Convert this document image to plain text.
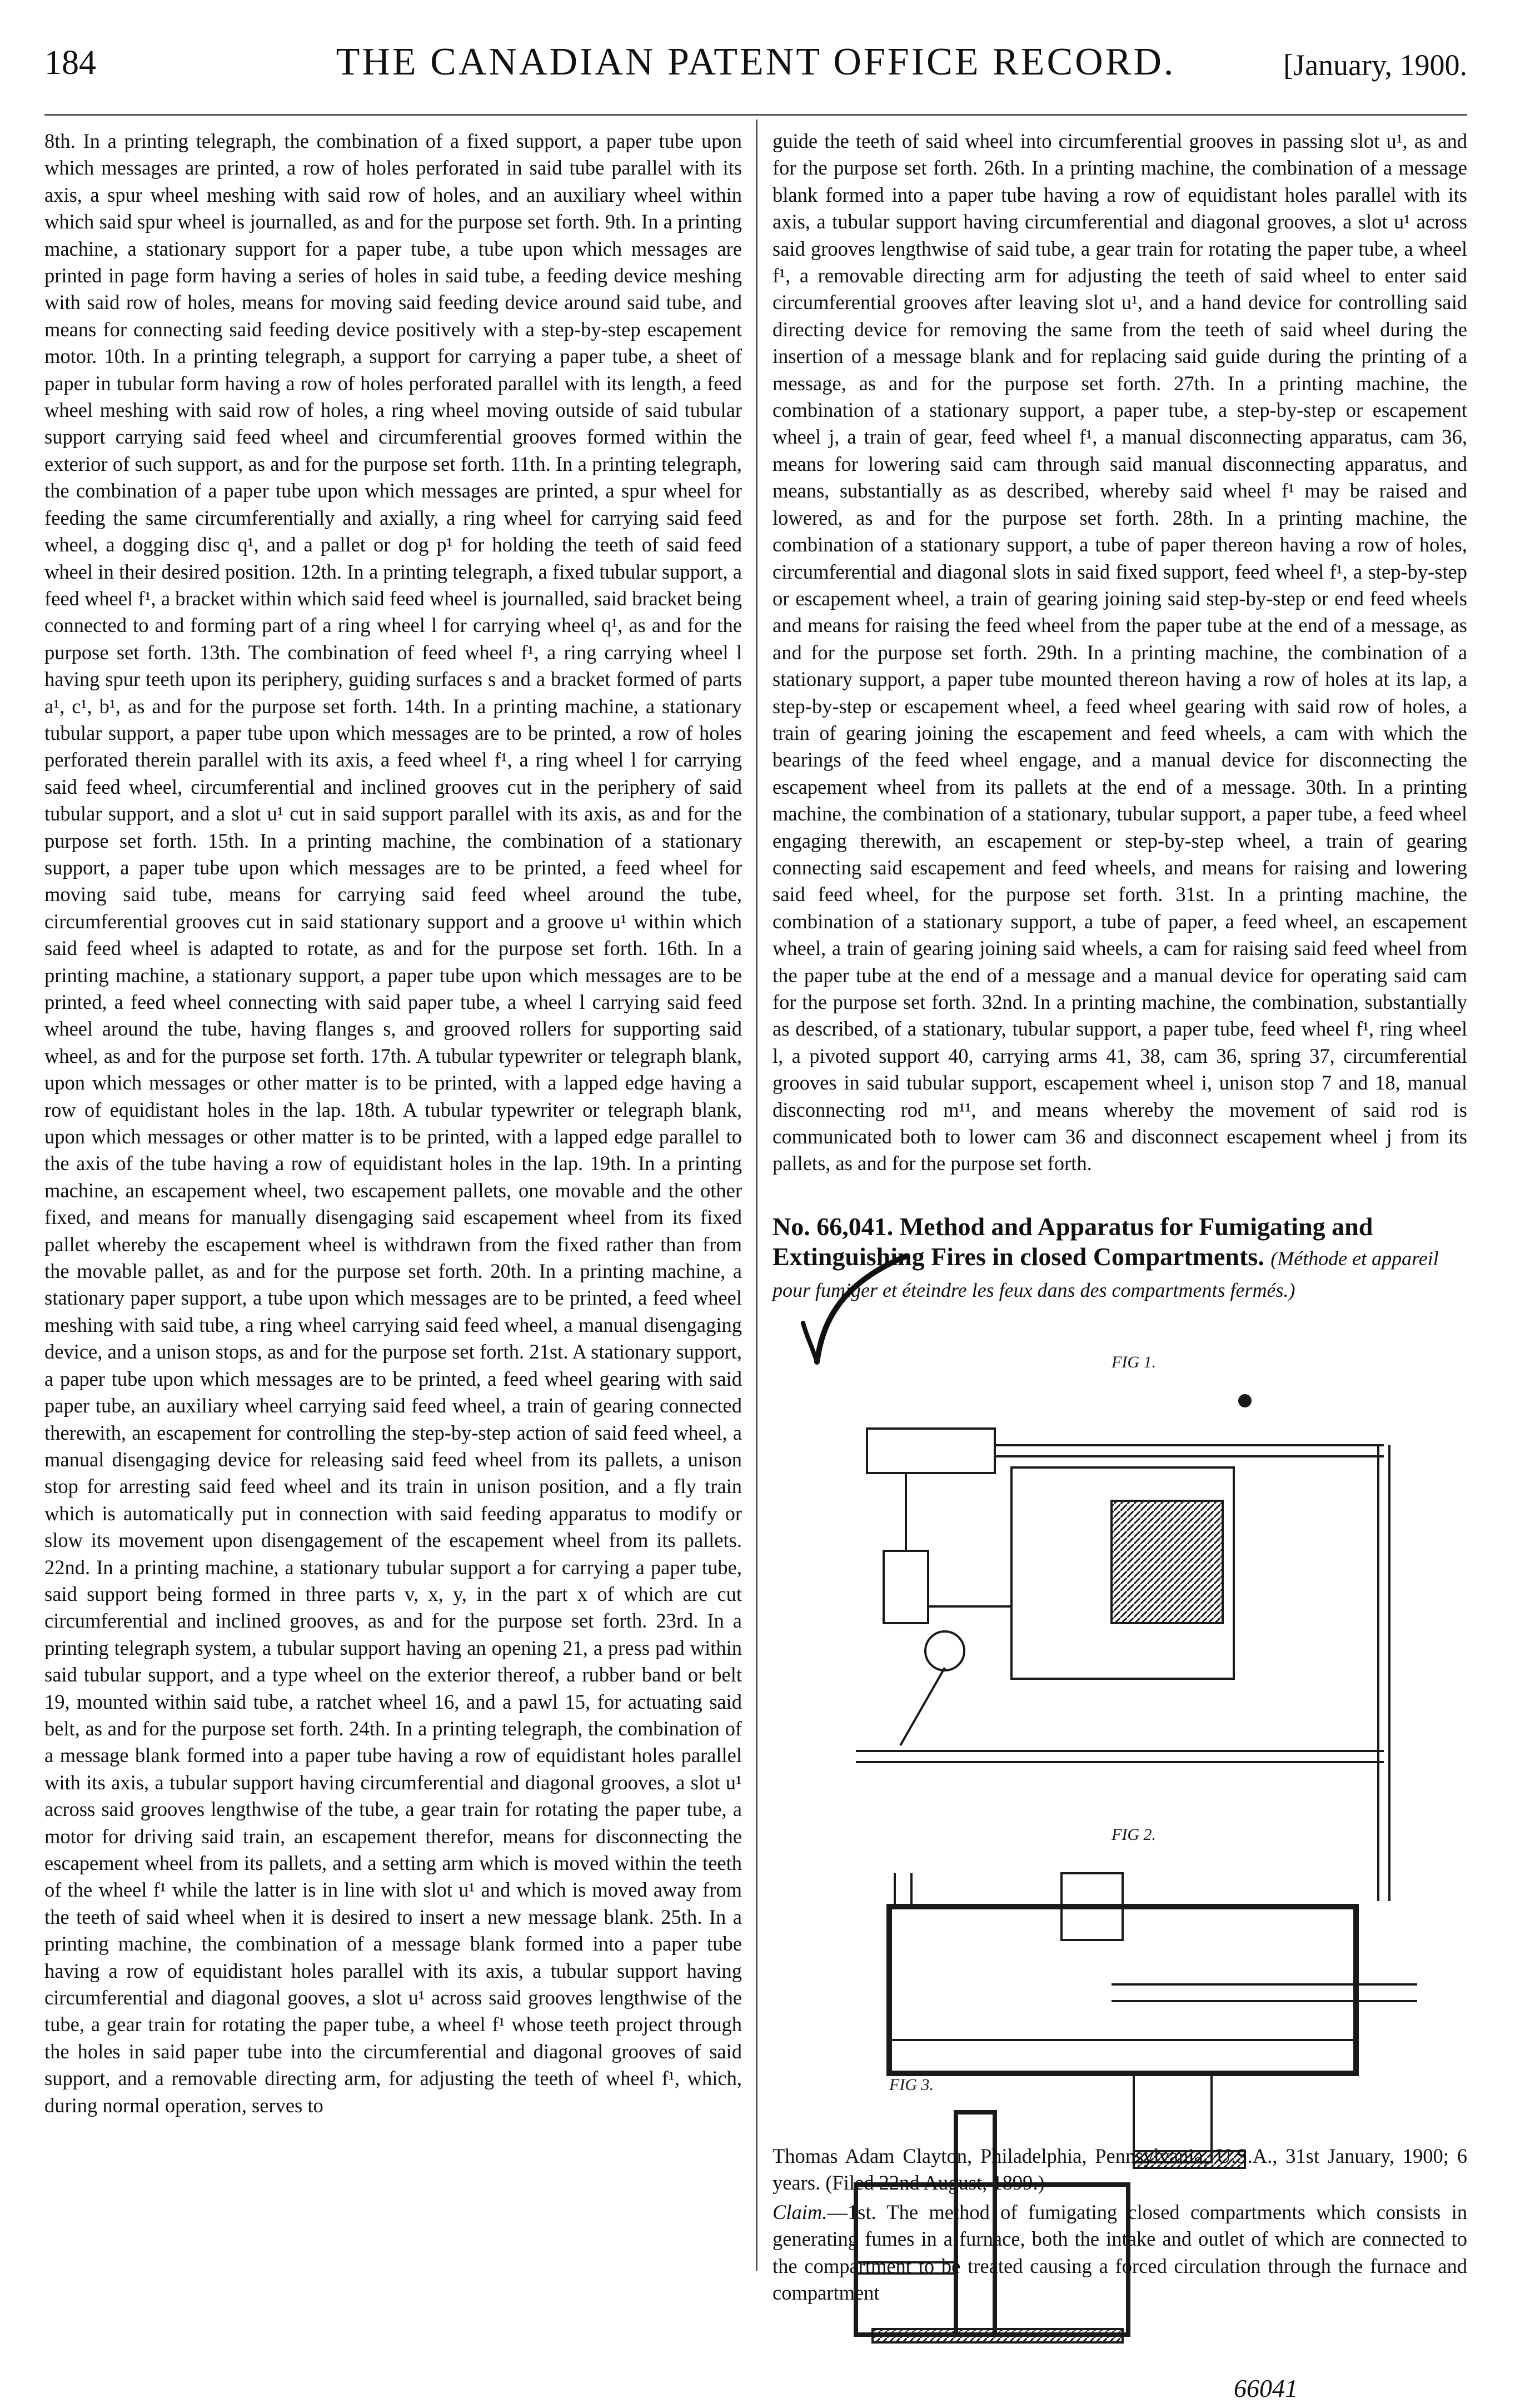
184	THE CANADIAN PATENT OFFICE RECORD.	[January, 1900.
8th. In a printing telegraph, the combination of a fixed support, a paper tube upon which messages are printed, a row of holes perforated in said tube parallel with its axis, a spur wheel meshing with said row of holes, and an auxiliary wheel within which said spur wheel is journalled, as and for the purpose set forth. 9th. In a printing machine, a stationary support for a paper tube, a tube upon which messages are printed in page form having a series of holes in said tube, a feeding device meshing with said row of holes, means for moving said feeding device around said tube, and means for connecting said feeding device positively with a step-by-step escapement motor. 10th. In a printing telegraph, a support for carrying a paper tube, a sheet of paper in tubular form having a row of holes perforated parallel with its length, a feed wheel meshing with said row of holes, a ring wheel moving outside of said tubular support carrying said feed wheel and circumferential grooves formed within the exterior of such support, as and for the purpose set forth. 11th. In a printing telegraph, the combination of a paper tube upon which messages are printed, a spur wheel for feeding the same circumferentially and axially, a ring wheel for carrying said feed wheel, a dogging disc q¹, and a pallet or dog p¹ for holding the teeth of said feed wheel in their desired position. 12th. In a printing telegraph, a fixed tubular support, a feed wheel f¹, a bracket within which said feed wheel is journalled, said bracket being connected to and forming part of a ring wheel l for carrying wheel q¹, as and for the purpose set forth. 13th. The combination of feed wheel f¹, a ring carrying wheel l having spur teeth upon its periphery, guiding surfaces s and a bracket formed of parts a¹, c¹, b¹, as and for the purpose set forth. 14th. In a printing machine, a stationary tubular support, a paper tube upon which messages are to be printed, a row of holes perforated therein parallel with its axis, a feed wheel f¹, a ring wheel l for carrying said feed wheel, circumferential and inclined grooves cut in the periphery of said tubular support, and a slot u¹ cut in said support parallel with its axis, as and for the purpose set forth. 15th. In a printing machine, the combination of a stationary support, a paper tube upon which messages are to be printed, a feed wheel for moving said tube, means for carrying said feed wheel around the tube, circumferential grooves cut in said stationary support and a groove u¹ within which said feed wheel is adapted to rotate, as and for the purpose set forth. 16th. In a printing machine, a stationary support, a paper tube upon which messages are to be printed, a feed wheel connecting with said paper tube, a wheel l carrying said feed wheel around the tube, having flanges s, and grooved rollers for supporting said wheel, as and for the purpose set forth. 17th. A tubular typewriter or telegraph blank, upon which messages or other matter is to be printed, with a lapped edge having a row of equidistant holes in the lap. 18th. A tubular typewriter or telegraph blank, upon which messages or other matter is to be printed, with a lapped edge parallel to the axis of the tube having a row of equidistant holes in the lap. 19th. In a printing machine, an escapement wheel, two escapement pallets, one movable and the other fixed, and means for manually disengaging said escapement wheel from its fixed pallet whereby the escapement wheel is withdrawn from the fixed rather than from the movable pallet, as and for the purpose set forth. 20th. In a printing machine, a stationary paper support, a tube upon which messages are to be printed, a feed wheel meshing with said tube, a ring wheel carrying said feed wheel, a manual disengaging device, and a unison stops, as and for the purpose set forth. 21st. A stationary support, a paper tube upon which messages are to be printed, a feed wheel gearing with said paper tube, an auxiliary wheel carrying said feed wheel, a train of gearing connected therewith, an escapement for controlling the step-by-step action of said feed wheel, a manual disengaging device for releasing said feed wheel from its pallets, a unison stop for arresting said feed wheel and its train in unison position, and a fly train which is automatically put in connection with said feeding apparatus to modify or slow its movement upon disengagement of the escapement wheel from its pallets. 22nd. In a printing machine, a stationary tubular support a for carrying a paper tube, said support being formed in three parts v, x, y, in the part x of which are cut circumferential and inclined grooves, as and for the purpose set forth. 23rd. In a printing telegraph system, a tubular support having an opening 21, a press pad within said tubular support, and a type wheel on the exterior thereof, a rubber band or belt 19, mounted within said tube, a ratchet wheel 16, and a pawl 15, for actuating said belt, as and for the purpose set forth. 24th. In a printing telegraph, the combination of a message blank formed into a paper tube having a row of equidistant holes parallel with its axis, a tubular support having circumferential and diagonal grooves, a slot u¹ across said grooves lengthwise of the tube, a gear train for rotating the paper tube, a motor for driving said train, an escapement therefor, means for disconnecting the escapement wheel from its pallets, and a setting arm which is moved within the teeth of the wheel f¹ while the latter is in line with slot u¹ and which is moved away from the teeth of said wheel when it is desired to insert a new message blank. 25th. In a printing machine, the combination of a message blank formed into a paper tube having a row of equidistant holes parallel with its axis, a tubular support having circumferential and diagonal gooves, a slot u¹ across said grooves lengthwise of the tube, a gear train for rotating the paper tube, a wheel f¹ whose teeth project through the holes in said paper tube into the circumferential and diagonal grooves of said support, and a removable directing arm, for adjusting the teeth of wheel f¹, which, during normal operation, serves to
guide the teeth of said wheel into circumferential grooves in passing slot u¹, as and for the purpose set forth. 26th. In a printing machine, the combination of a message blank formed into a paper tube having a row of equidistant holes parallel with its axis, a tubular support having circumferential and diagonal grooves, a slot u¹ across said grooves lengthwise of said tube, a gear train for rotating the paper tube, a wheel f¹, a removable directing arm for adjusting the teeth of said wheel to enter said circumferential grooves after leaving slot u¹, and a hand device for controlling said directing device for removing the same from the teeth of said wheel during the insertion of a message blank and for replacing said guide during the printing of a message, as and for the purpose set forth. 27th. In a printing machine, the combination of a stationary support, a paper tube, a step-by-step or escapement wheel j, a train of gear, feed wheel f¹, a manual disconnecting apparatus, cam 36, means for lowering said cam through said manual disconnecting apparatus, and means, substantially as as described, whereby said wheel f¹ may be raised and lowered, as and for the purpose set forth. 28th. In a printing machine, the combination of a stationary support, a tube of paper thereon having a row of holes, circumferential and diagonal slots in said fixed support, feed wheel f¹, a step-by-step or escapement wheel, a train of gearing joining said step-by-step or end feed wheels and means for raising the feed wheel from the paper tube at the end of a message, as and for the purpose set forth. 29th. In a printing machine, the combination of a stationary support, a paper tube mounted thereon having a row of holes at its lap, a step-by-step or escapement wheel, a feed wheel gearing with said row of holes, a train of gearing joining the escapement and feed wheels, a cam with which the bearings of the feed wheel engage, and a manual device for disconnecting the escapement wheel from its pallets at the end of a message. 30th. In a printing machine, the combination of a stationary, tubular support, a paper tube, a feed wheel engaging therewith, an escapement or step-by-step wheel, a train of gearing connecting said escapement and feed wheels, and means for raising and lowering said feed wheel, for the purpose set forth. 31st. In a printing machine, the combination of a stationary support, a tube of paper, a feed wheel, an escapement wheel, a train of gearing joining said wheels, a cam for raising said feed wheel from the paper tube at the end of a message and a manual device for operating said cam for the purpose set forth. 32nd. In a printing machine, the combination, substantially as described, of a stationary, tubular support, a paper tube, feed wheel f¹, ring wheel l, a pivoted support 40, carrying arms 41, 38, cam 36, spring 37, circumferential grooves in said tubular support, escapement wheel i, unison stop 7 and 18, manual disconnecting rod m¹¹, and means whereby the movement of said rod is communicated both to lower cam 36 and disconnect escapement wheel j from its pallets, as and for the purpose set forth.
No. 66,041. Method and Apparatus for Fumigating and Extinguishing Fires in closed Compartments. (Méthode et appareil pour fumiger et éteindre les feux dans des compartments fermés.)
FIG 1.
FIG 2.
FIG 3.
66041
Thomas Adam Clayton, Philadelphia, Pennsylvania, U.S.A., 31st January, 1900; 6 years. (Filed 22nd August, 1899.)
Claim.—1st. The method of fumigating closed compartments which consists in generating fumes in a furnace, both the intake and outlet of which are connected to the compartment to be treated causing a forced circulation through the furnace and compartment
